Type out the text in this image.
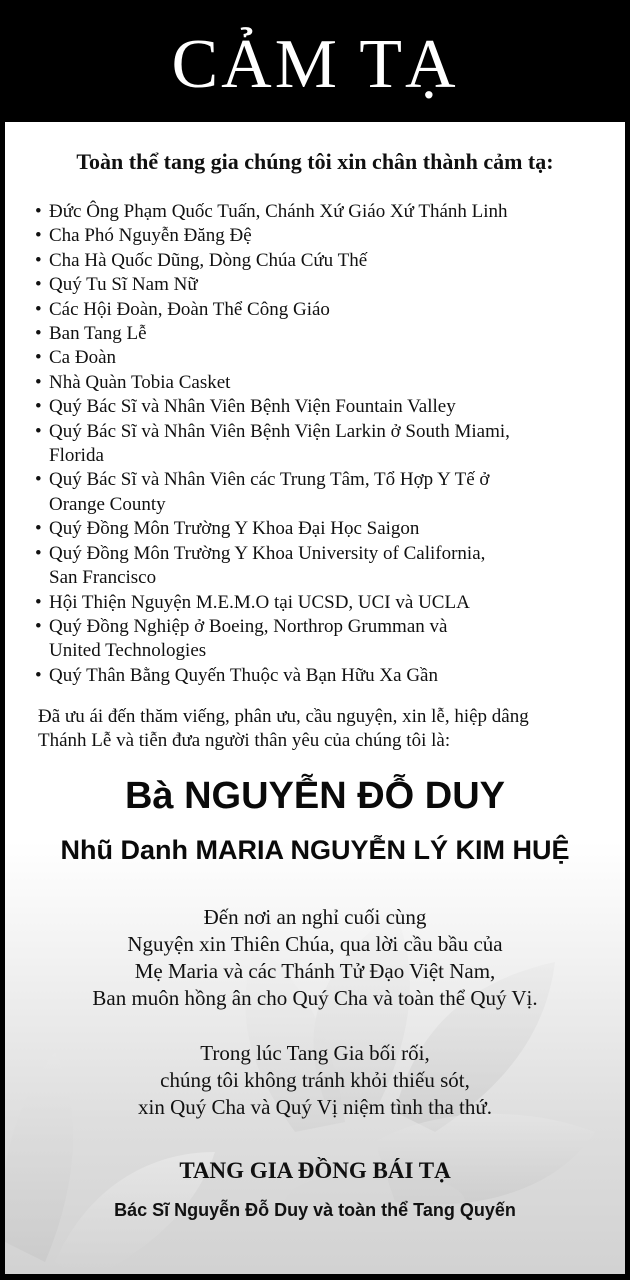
CẢM TẠ
Toàn thể tang gia chúng tôi xin chân thành cảm tạ:
• Đức Ông Phạm Quốc Tuấn, Chánh Xứ Giáo Xứ Thánh Linh
• Cha Phó Nguyễn Đăng Đệ
• Cha Hà Quốc Dũng, Dòng Chúa Cứu Thế
• Quý Tu Sĩ Nam Nữ
• Các Hội Đoàn, Đoàn Thể Công Giáo
• Ban Tang Lễ
• Ca Đoàn
• Nhà Quàn Tobia Casket
• Quý Bác Sĩ và Nhân Viên Bệnh Viện Fountain Valley
• Quý Bác Sĩ và Nhân Viên Bệnh Viện Larkin ở South Miami,
Florida
• Quý Bác Sĩ và Nhân Viên các Trung Tâm, Tổ Hợp Y Tế ở
Orange County
• Quý Đồng Môn Trường Y Khoa Đại Học Saigon
• Quý Đồng Môn Trường Y Khoa University of California,
San Francisco
• Hội Thiện Nguyện M.E.M.O tại UCSD, UCI và UCLA
• Quý Đồng Nghiệp ở Boeing, Northrop Grumman và
United Technologies
• Quý Thân Bằng Quyến Thuộc và Bạn Hữu Xa Gần
Đã ưu ái đến thăm viếng, phân ưu, cầu nguyện, xin lễ, hiệp dâng
Thánh Lễ và tiễn đưa người thân yêu của chúng tôi là:
Bà NGUYỄN ĐỖ DUY
Nhũ Danh MARIA NGUYỄN LÝ KIM HUỆ
Đến nơi an nghỉ cuối cùng
Nguyện xin Thiên Chúa, qua lời cầu bầu của
Mẹ Maria và các Thánh Tử Đạo Việt Nam,
Ban muôn hồng ân cho Quý Cha và toàn thể Quý Vị.
Trong lúc Tang Gia bối rối,
chúng tôi không tránh khỏi thiếu sót,
xin Quý Cha và Quý Vị niệm tình tha thứ.
TANG GIA ĐỒNG BÁI TẠ
Bác Sĩ Nguyễn Đỗ Duy và toàn thể Tang Quyến
